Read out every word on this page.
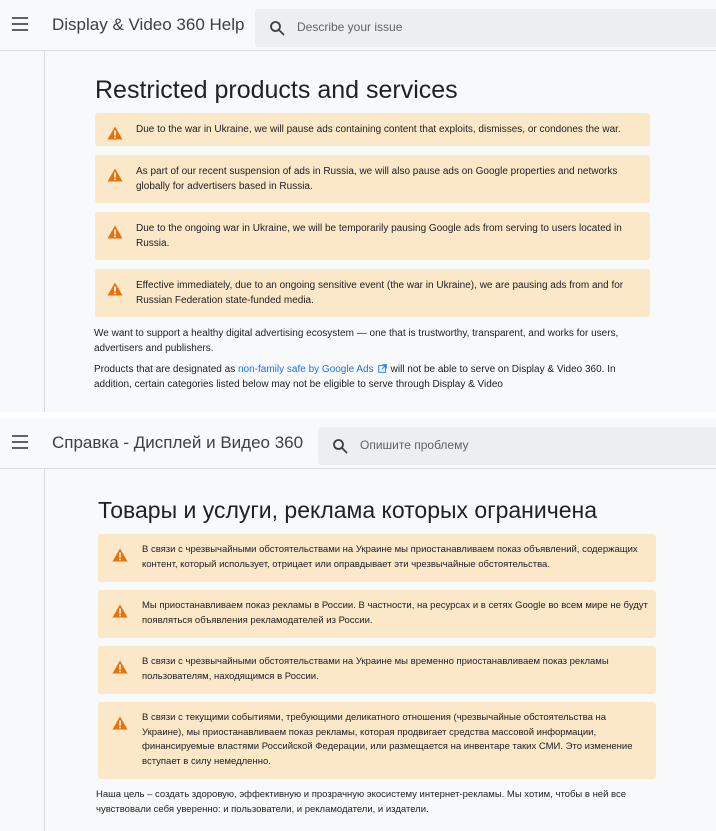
Display & Video 360 Help	Describe your issue
Restricted products and services
Due to the war in Ukraine, we will pause ads containing content that exploits, dismisses, or condones the war.
As part of our recent suspension of ads in Russia, we will also pause ads on Google properties and networks globally for advertisers based in Russia.
Due to the ongoing war in Ukraine, we will be temporarily pausing Google ads from serving to users located in Russia.
Effective immediately, due to an ongoing sensitive event (the war in Ukraine), we are pausing ads from and for Russian Federation state-funded media.

We want to support a healthy digital advertising ecosystem — one that is trustworthy, transparent, and works for users, advertisers and publishers.

Products that are designated as non-family safe by Google Ads will not be able to serve on Display & Video 360. In addition, certain categories listed below may not be eligible to serve through Display & Video

Справка - Дисплей и Видео 360	Опишите проблему
Товары и услуги, реклама которых ограничена
В связи с чрезвычайными обстоятельствами на Украине мы приостанавливаем показ объявлений, содержащих контент, который использует, отрицает или оправдывает эти чрезвычайные обстоятельства.
Мы приостанавливаем показ рекламы в России. В частности, на ресурсах и в сетях Google во всем мире не будут появляться объявления рекламодателей из России.
В связи с чрезвычайными обстоятельствами на Украине мы временно приостанавливаем показ рекламы пользователям, находящимся в России.
В связи с текущими событиями, требующими деликатного отношения (чрезвычайные обстоятельства на Украине), мы приостанавливаем показ рекламы, которая продвигает средства массовой информации, финансируемые властями Российской Федерации, или размещается на инвентаре таких СМИ. Это изменение вступает в силу немедленно.

Наша цель – создать здоровую, эффективную и прозрачную экосистему интернет-рекламы. Мы хотим, чтобы в ней все чувствовали себя уверенно: и пользователи, и рекламодатели, и издатели.
